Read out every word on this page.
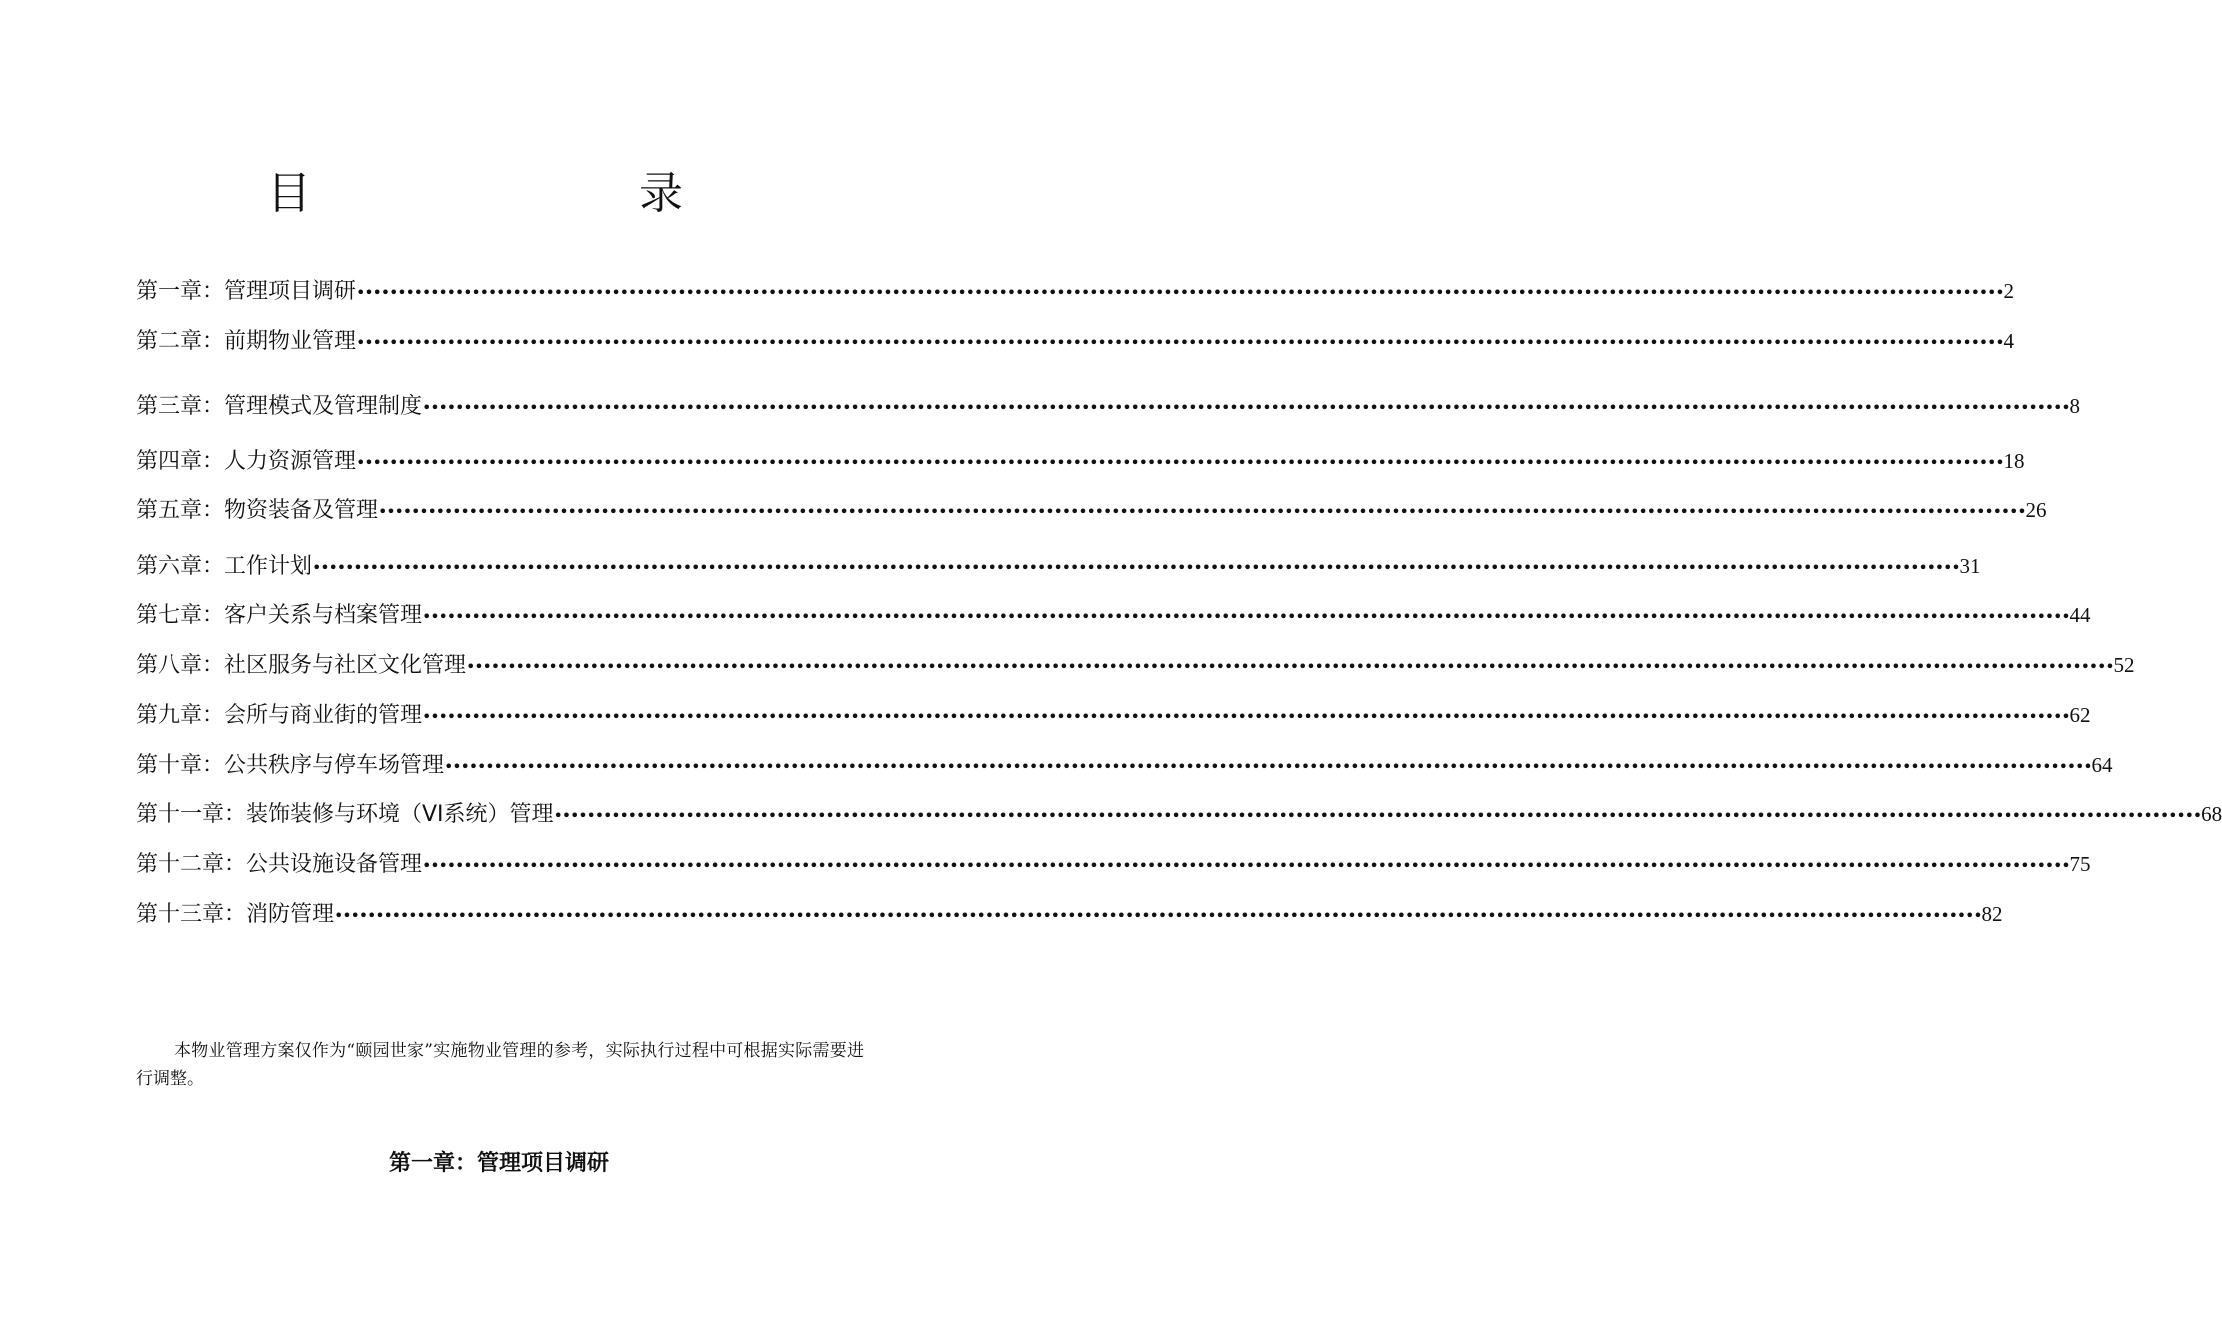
目　　录
第一章：管理项目调研 •••••••••••••••••••••••••••••••••••••••••••••••••••••••••••••••••••••••••••••••••••••••••••••••••••••••••••••••••••••••••••••••••••••••••••••••••••••••••••••••••••••••••••••••••••••••••••••••••••••••• 2
第二章：前期物业管理 •••••••••••••••••••••••••••••••••••••••••••••••••••••••••••••••••••••••••••••••••••••••••••••••••••••••••••••••••••••••••••••••••••••••••••••••••••••••••••••••••••••••••••••••••••••••••••••••••••••••• 4
第三章：管理模式及管理制度 •••••••••••••••••••••••••••••••••••••••••••••••••••••••••••••••••••••••••••••••••••••••••••••••••••••••••••••••••••••••••••••••••••••••••••••••••••••••••••••••••••••••••••••••••••••••••••••••••••••••• 8
第四章：人力资源管理 •••••••••••••••••••••••••••••••••••••••••••••••••••••••••••••••••••••••••••••••••••••••••••••••••••••••••••••••••••••••••••••••••••••••••••••••••••••••••••••••••••••••••••••••••••••••••••••••••••••••• 18
第五章：物资装备及管理 •••••••••••••••••••••••••••••••••••••••••••••••••••••••••••••••••••••••••••••••••••••••••••••••••••••••••••••••••••••••••••••••••••••••••••••••••••••••••••••••••••••••••••••••••••••••••••••••••••••••• 26
第六章：工作计划 •••••••••••••••••••••••••••••••••••••••••••••••••••••••••••••••••••••••••••••••••••••••••••••••••••••••••••••••••••••••••••••••••••••••••••••••••••••••••••••••••••••••••••••••••••••••••••••••••••••••• 31
第七章：客户关系与档案管理 •••••••••••••••••••••••••••••••••••••••••••••••••••••••••••••••••••••••••••••••••••••••••••••••••••••••••••••••••••••••••••••••••••••••••••••••••••••••••••••••••••••••••••••••••••••••••••••••••••••••• 44
第八章：社区服务与社区文化管理 •••••••••••••••••••••••••••••••••••••••••••••••••••••••••••••••••••••••••••••••••••••••••••••••••••••••••••••••••••••••••••••••••••••••••••••••••••••••••••••••••••••••••••••••••••••••••••••••••••••••• 52
第九章：会所与商业街的管理 •••••••••••••••••••••••••••••••••••••••••••••••••••••••••••••••••••••••••••••••••••••••••••••••••••••••••••••••••••••••••••••••••••••••••••••••••••••••••••••••••••••••••••••••••••••••••••••••••••••••• 62
第十章：公共秩序与停车场管理 •••••••••••••••••••••••••••••••••••••••••••••••••••••••••••••••••••••••••••••••••••••••••••••••••••••••••••••••••••••••••••••••••••••••••••••••••••••••••••••••••••••••••••••••••••••••••••••••••••••••• 64
第十一章：装饰装修与环境（VI系统）管理 •••••••••••••••••••••••••••••••••••••••••••••••••••••••••••••••••••••••••••••••••••••••••••••••••••••••••••••••••••••••••••••••••••••••••••••••••••••••••••••••••••••••••••••••••••••••••••••••••••••••• 68
第十二章：公共设施设备管理 •••••••••••••••••••••••••••••••••••••••••••••••••••••••••••••••••••••••••••••••••••••••••••••••••••••••••••••••••••••••••••••••••••••••••••••••••••••••••••••••••••••••••••••••••••••••••••••••••••••••• 75
第十三章：消防管理 •••••••••••••••••••••••••••••••••••••••••••••••••••••••••••••••••••••••••••••••••••••••••••••••••••••••••••••••••••••••••••••••••••••••••••••••••••••••••••••••••••••••••••••••••••••••••••••••••••••••• 82

本物业管理方案仅作为“颐园世家”实施物业管理的参考，实际执行过程中可根据实际需要进行调整。

第一章：管理项目调研
